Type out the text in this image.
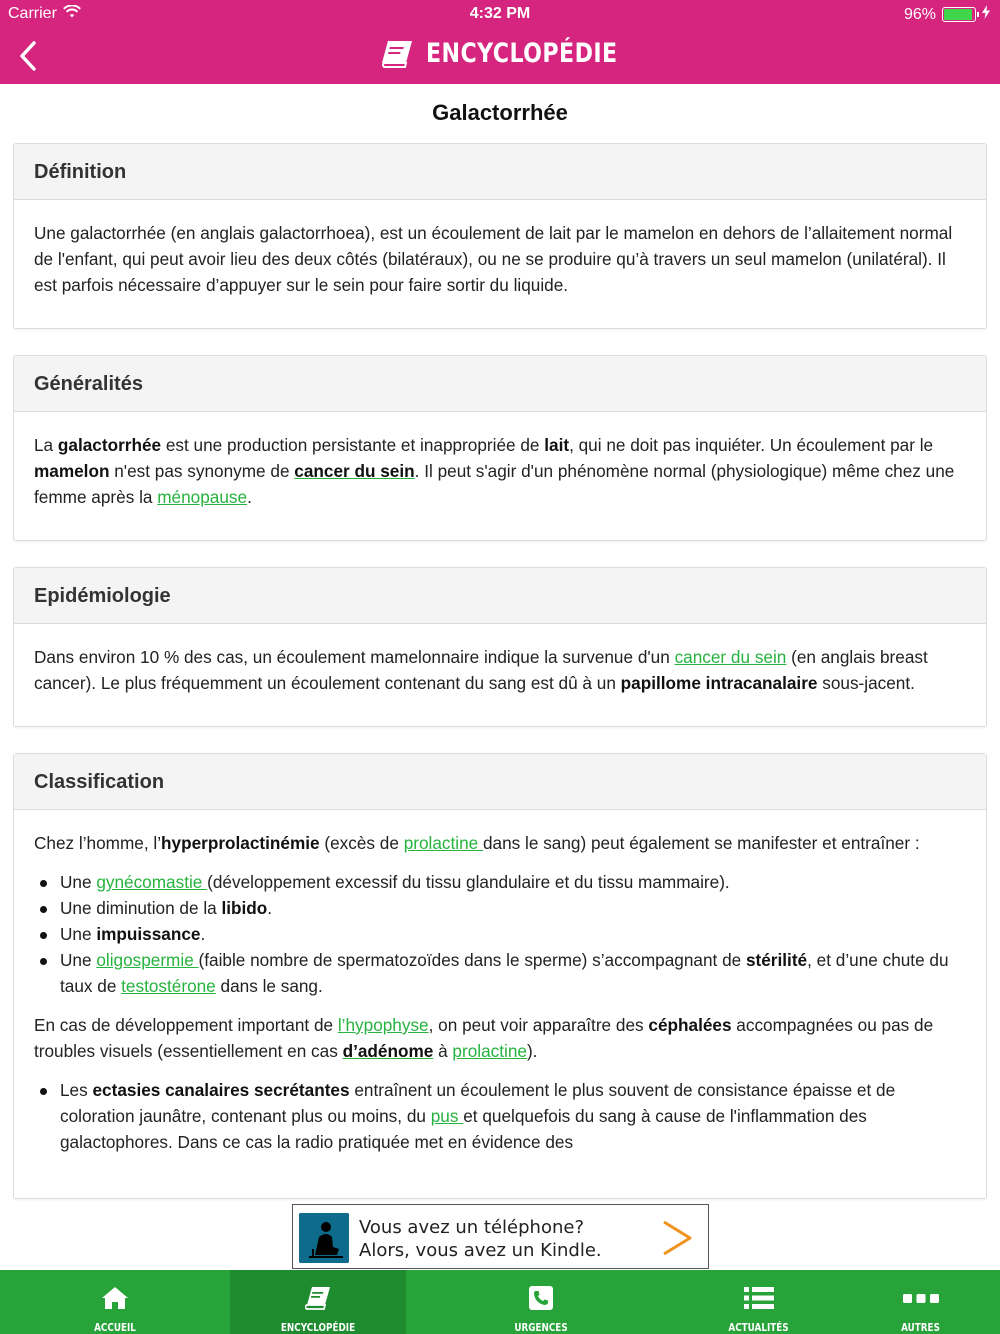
Carrier	4:32 PM	96%
ENCYCLOPÉDIE
Galactorrhée
Définition

Une galactorrhée (en anglais galactorrhoea), est un écoulement de lait par le mamelon en dehors de l’allaitement normal de l'enfant, qui peut avoir lieu des deux côtés (bilatéraux), ou ne se produire qu’à travers un seul mamelon (unilatéral). Il est parfois nécessaire d’appuyer sur le sein pour faire sortir du liquide.

Généralités

La galactorrhée est une production persistante et inappropriée de lait, qui ne doit pas inquiéter. Un écoulement par le mamelon n'est pas synonyme de cancer du sein. Il peut s'agir d'un phénomène normal (physiologique) même chez une femme après la ménopause.

Epidémiologie

Dans environ 10 % des cas, un écoulement mamelonnaire indique la survenue d'un cancer du sein (en anglais breast cancer). Le plus fréquemment un écoulement contenant du sang est dû à un papillome intracanalaire sous-jacent.

Classification

Chez l’homme, l’hyperprolactinémie (excès de prolactine dans le sang) peut également se manifester et entraîner :

Une gynécomastie (développement excessif du tissu glandulaire et du tissu mammaire).
Une diminution de la libido.
Une impuissance.
Une oligospermie (faible nombre de spermatozoïdes dans le sperme) s’accompagnant de stérilité, et d’une chute du taux de testostérone dans le sang.

En cas de développement important de l’hypophyse, on peut voir apparaître des céphalées accompagnées ou pas de troubles visuels (essentiellement en cas d’adénome à prolactine).

Les ectasies canalaires secrétantes entraînent un écoulement le plus souvent de consistance épaisse et de coloration jaunâtre, contenant plus ou moins, du pus et quelquefois du sang à cause de l'inflammation des galactophores. Dans ce cas la radio pratiquée met en évidence des
Vous avez un téléphone?
Alors, vous avez un Kindle.
ACCUEIL	ENCYCLOPÉDIE	URGENCES	ACTUALITÉS	AUTRES
